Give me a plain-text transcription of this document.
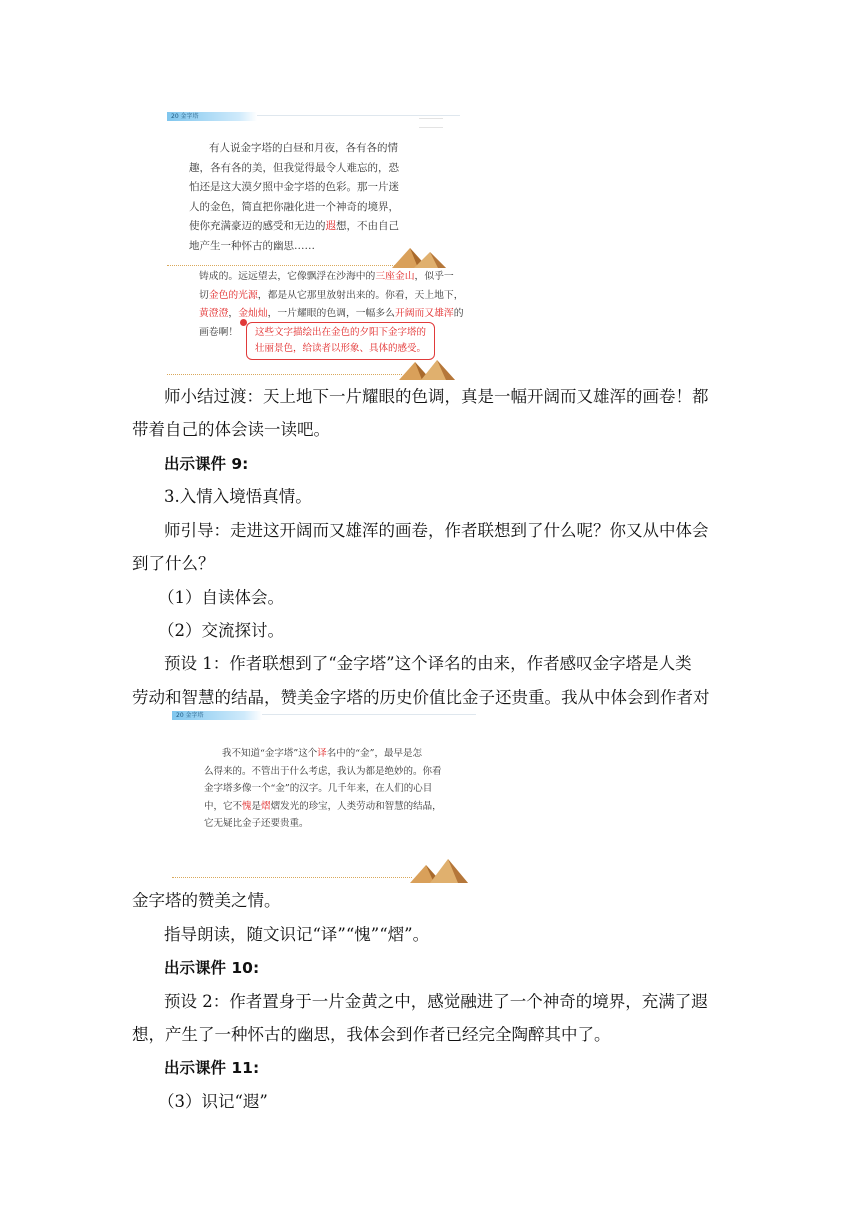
20 金字塔
有人说金字塔的白昼和月夜，各有各的情
趣，各有各的美，但我觉得最令人难忘的，恐
怕还是这大漠夕照中金字塔的色彩。那一片迷
人的金色，简直把你融化进一个神奇的境界，
使你充满豪迈的感受和无边的遐想，不由自己
地产生一种怀古的幽思……
铸成的。远远望去，它像飘浮在沙海中的三座金山，似乎一
切金色的光源，都是从它那里放射出来的。你看，天上地下，
黄澄澄，金灿灿，一片耀眼的色调，一幅多么开阔而又雄浑的
画卷啊！	这些文字描绘出在金色的夕阳下金字塔的
壮丽景色，给读者以形象、具体的感受。
师小结过渡：天上地下一片耀眼的色调，真是一幅开阔而又雄浑的画卷！都
带着自己的体会读一读吧。
出示课件 9:
3.入情入境悟真情。
师引导：走进这开阔而又雄浑的画卷，作者联想到了什么呢？你又从中体会
到了什么？
（1）自读体会。
（2）交流探讨。
预设 1：作者联想到了“金字塔”这个译名的由来，作者感叹金字塔是人类
劳动和智慧的结晶，赞美金字塔的历史价值比金子还贵重。我从中体会到作者对
20 金字塔
我不知道“金字塔”这个译名中的“金”，最早是怎
么得来的。不管出于什么考虑，我认为都是绝妙的。你看
金字塔多像一个“金”的汉字。几千年来，在人们的心目
中，它不愧是熠熠发光的珍宝，人类劳动和智慧的结晶，
它无疑比金子还要贵重。
金字塔的赞美之情。
指导朗读，随文识记“译”“愧”“熠”。
出示课件 10:
预设 2：作者置身于一片金黄之中，感觉融进了一个神奇的境界，充满了遐
想，产生了一种怀古的幽思，我体会到作者已经完全陶醉其中了。
出示课件 11:
（3）识记“遐”
